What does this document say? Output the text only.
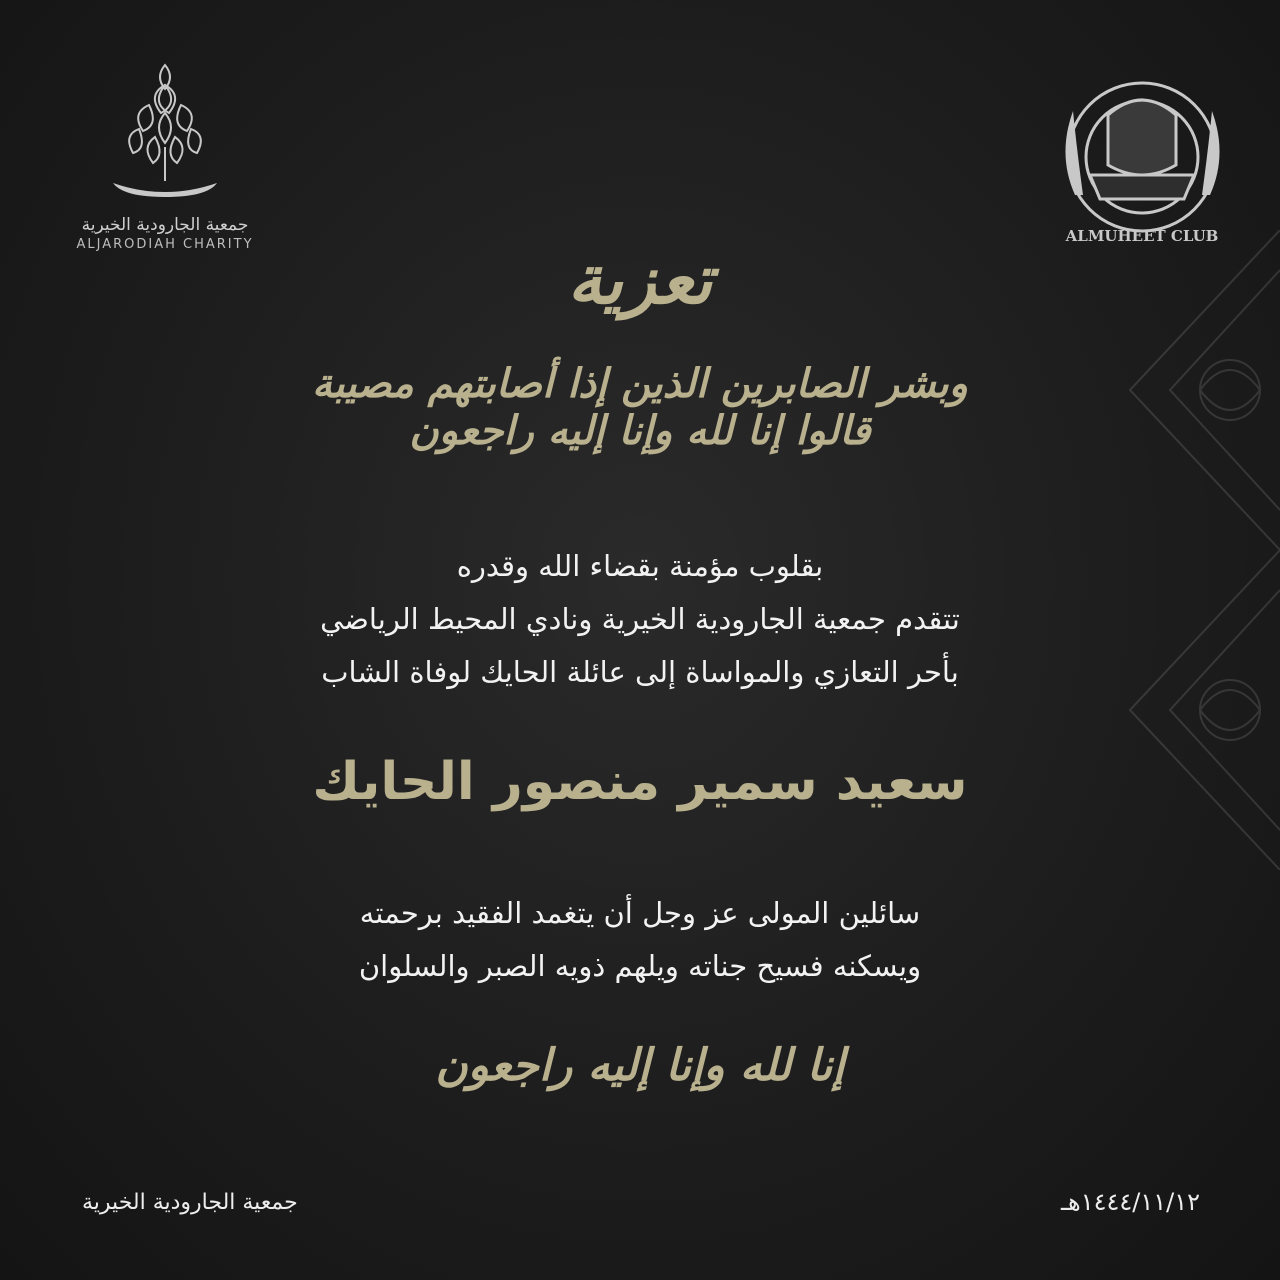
جمعية الجارودية الخيرية
ALJARODIAH CHARITY	ALMUHEET CLUB
تعزية
وبشر الصابرين الذين إذا أصابتهم مصيبة قالوا إنا لله وإنا إليه راجعون
بقلوب مؤمنة بقضاء الله وقدره
تتقدم جمعية الجارودية الخيرية ونادي المحيط الرياضي
بأحر التعازي والمواساة إلى عائلة الحايك لوفاة الشاب
سعيد سمير منصور الحايك
سائلين المولى عز وجل أن يتغمد الفقيد برحمته
ويسكنه فسيح جناته ويلهم ذويه الصبر والسلوان
إنا لله وإنا إليه راجعون
جمعية الجارودية الخيرية	١٤٤٤/١١/١٢هـ
